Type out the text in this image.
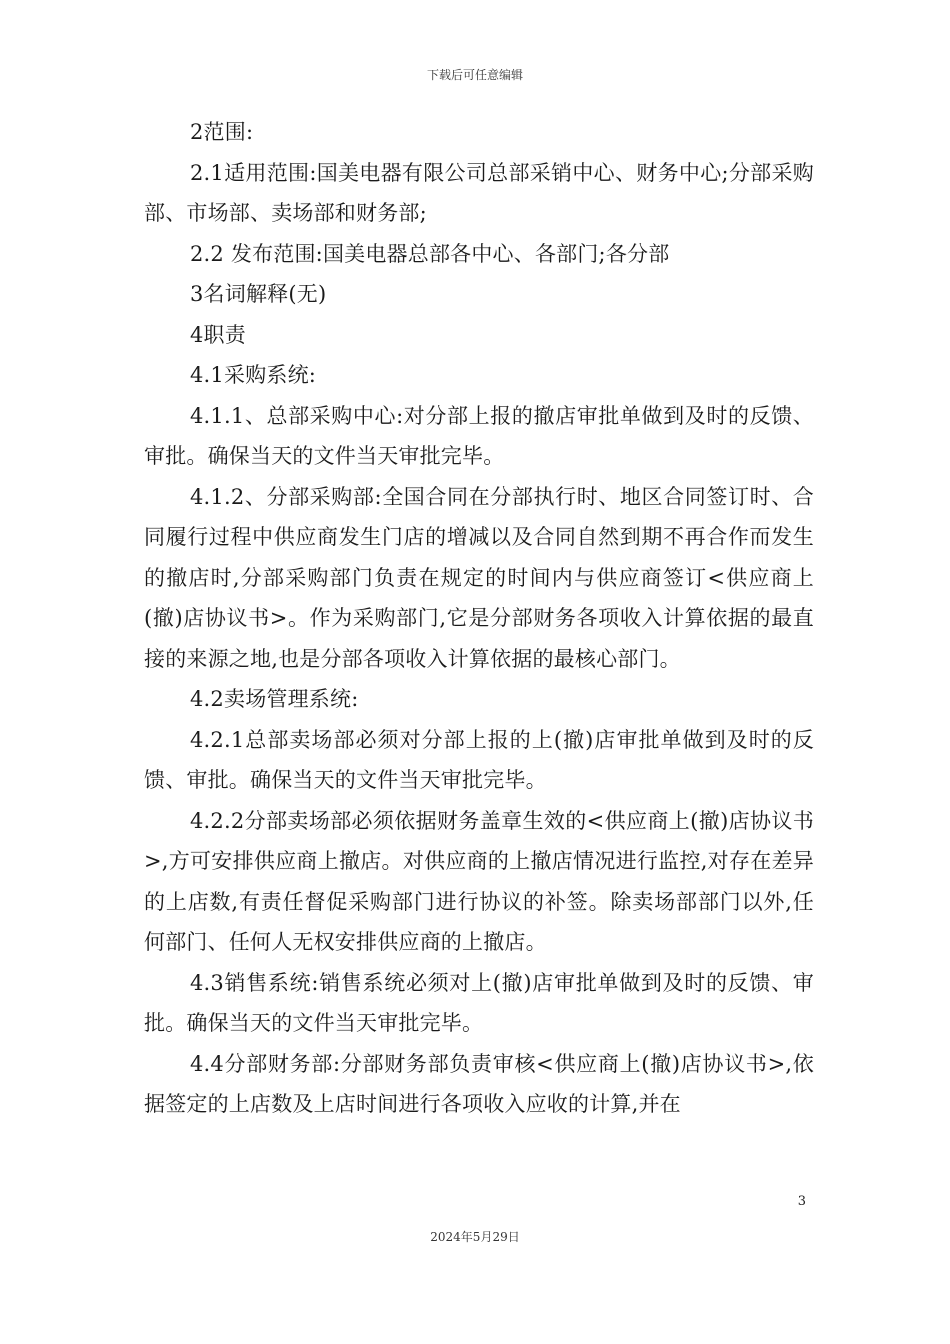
下载后可任意编辑

2范围:

2.1适用范围:国美电器有限公司总部采销中心、财务中心;分部采购部、市场部、卖场部和财务部;

2.2 发布范围:国美电器总部各中心、各部门;各分部

3名词解释(无)

4职责

4.1采购系统:

4.1.1、总部采购中心:对分部上报的撤店审批单做到及时的反馈、审批。确保当天的文件当天审批完毕。

4.1.2、分部采购部:全国合同在分部执行时、地区合同签订时、合同履行过程中供应商发生门店的增减以及合同自然到期不再合作而发生的撤店时,分部采购部门负责在规定的时间内与供应商签订<供应商上(撤)店协议书>。作为采购部门,它是分部财务各项收入计算依据的最直接的来源之地,也是分部各项收入计算依据的最核心部门。

4.2卖场管理系统:

4.2.1总部卖场部必须对分部上报的上(撤)店审批单做到及时的反馈、审批。确保当天的文件当天审批完毕。

4.2.2分部卖场部必须依据财务盖章生效的<供应商上(撤)店协议书>,方可安排供应商上撤店。对供应商的上撤店情况进行监控,对存在差异的上店数,有责任督促采购部门进行协议的补签。除卖场部部门以外,任何部门、任何人无权安排供应商的上撤店。

4.3销售系统:销售系统必须对上(撤)店审批单做到及时的反馈、审批。确保当天的文件当天审批完毕。

4.4分部财务部:分部财务部负责审核<供应商上(撤)店协议书>,依据签定的上店数及上店时间进行各项收入应收的计算,并在

3
2024年5月29日
